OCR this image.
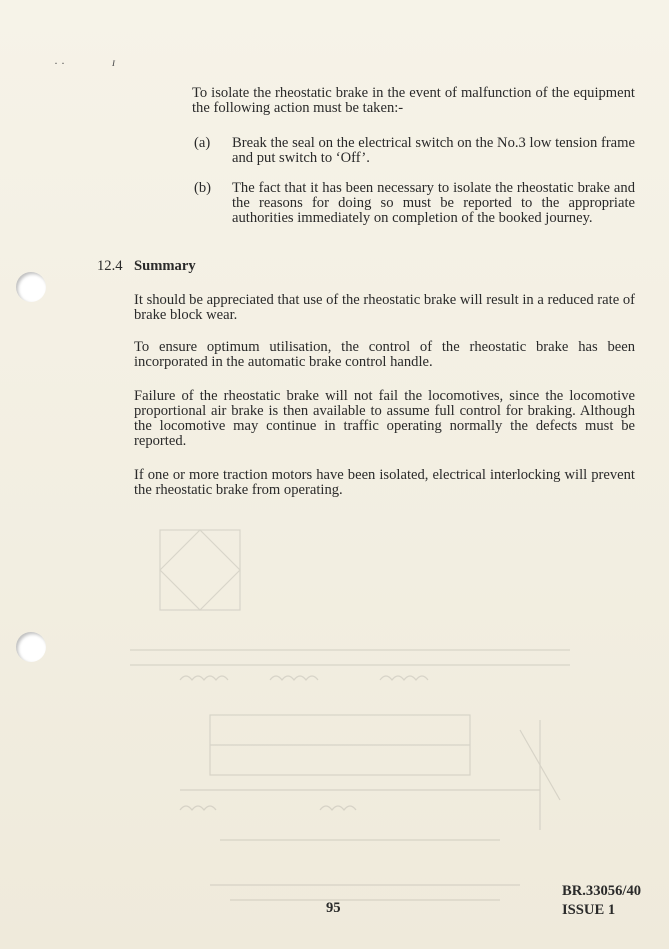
· ·	ɪ

To isolate the rheostatic brake in the event of malfunction of the equipment the following action must be taken:-

(a) Break the seal on the electrical switch on the No.3 low tension frame and put switch to ‘Off’.

(b) The fact that it has been necessary to isolate the rheostatic brake and the reasons for doing so must be reported to the appropriate authorities immediately on completion of the booked journey.

12.4 Summary

It should be appreciated that use of the rheostatic brake will result in a reduced rate of brake block wear.

To ensure optimum utilisation, the control of the rheostatic brake has been incorporated in the automatic brake control handle.

Failure of the rheostatic brake will not fail the locomotives, since the locomotive proportional air brake is then available to assume full control for braking. Although the locomotive may continue in traffic operating normally the defects must be reported.

If one or more traction motors have been isolated, electrical interlocking will prevent the rheostatic brake from operating.

95
BR.33056/40
ISSUE 1
